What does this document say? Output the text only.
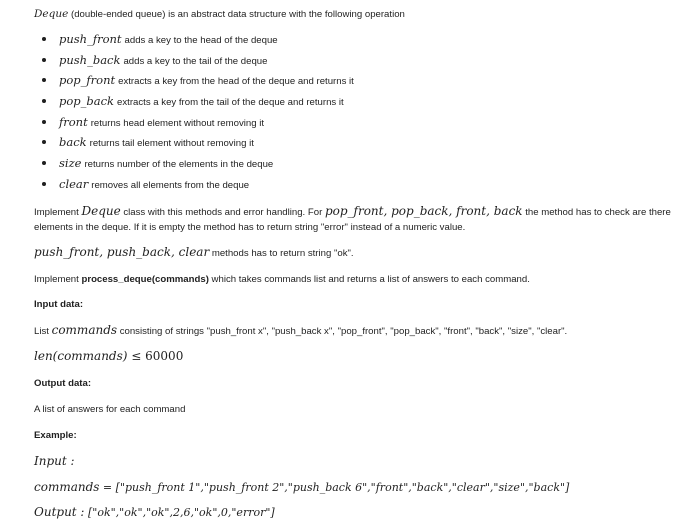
Deque (double-ended queue) is an abstract data structure with the following operation
push_front adds a key to the head of the deque
push_back adds a key to the tail of the deque
pop_front extracts a key from the head of the deque and returns it
pop_back extracts a key from the tail of the deque and returns it
front returns head element without removing it
back returns tail element without removing it
size returns number of the elements in the deque
clear removes all elements from the deque
Implement Deque class with this methods and error handling. For pop_front, pop_back, front, back the method has to check are there
elements in the deque. If it is empty the method has to return string "error" instead of a numeric value.
push_front, push_back, clear methods has to return string "ok".
Implement process_deque(commands) which takes commands list and returns a list of answers to each command.
Input data:
List commands consisting of strings "push_front x", "push_back x", "pop_front", "pop_back", "front", "back", "size", "clear".
len(commands) ≤ 60000
Output data:
A list of answers for each command
Example:
Input :
commands = ["push_front 1","push_front 2","push_back 6","front","back","clear","size","back"]
Output : ["ok","ok","ok",2,6,"ok",0,"error"]
